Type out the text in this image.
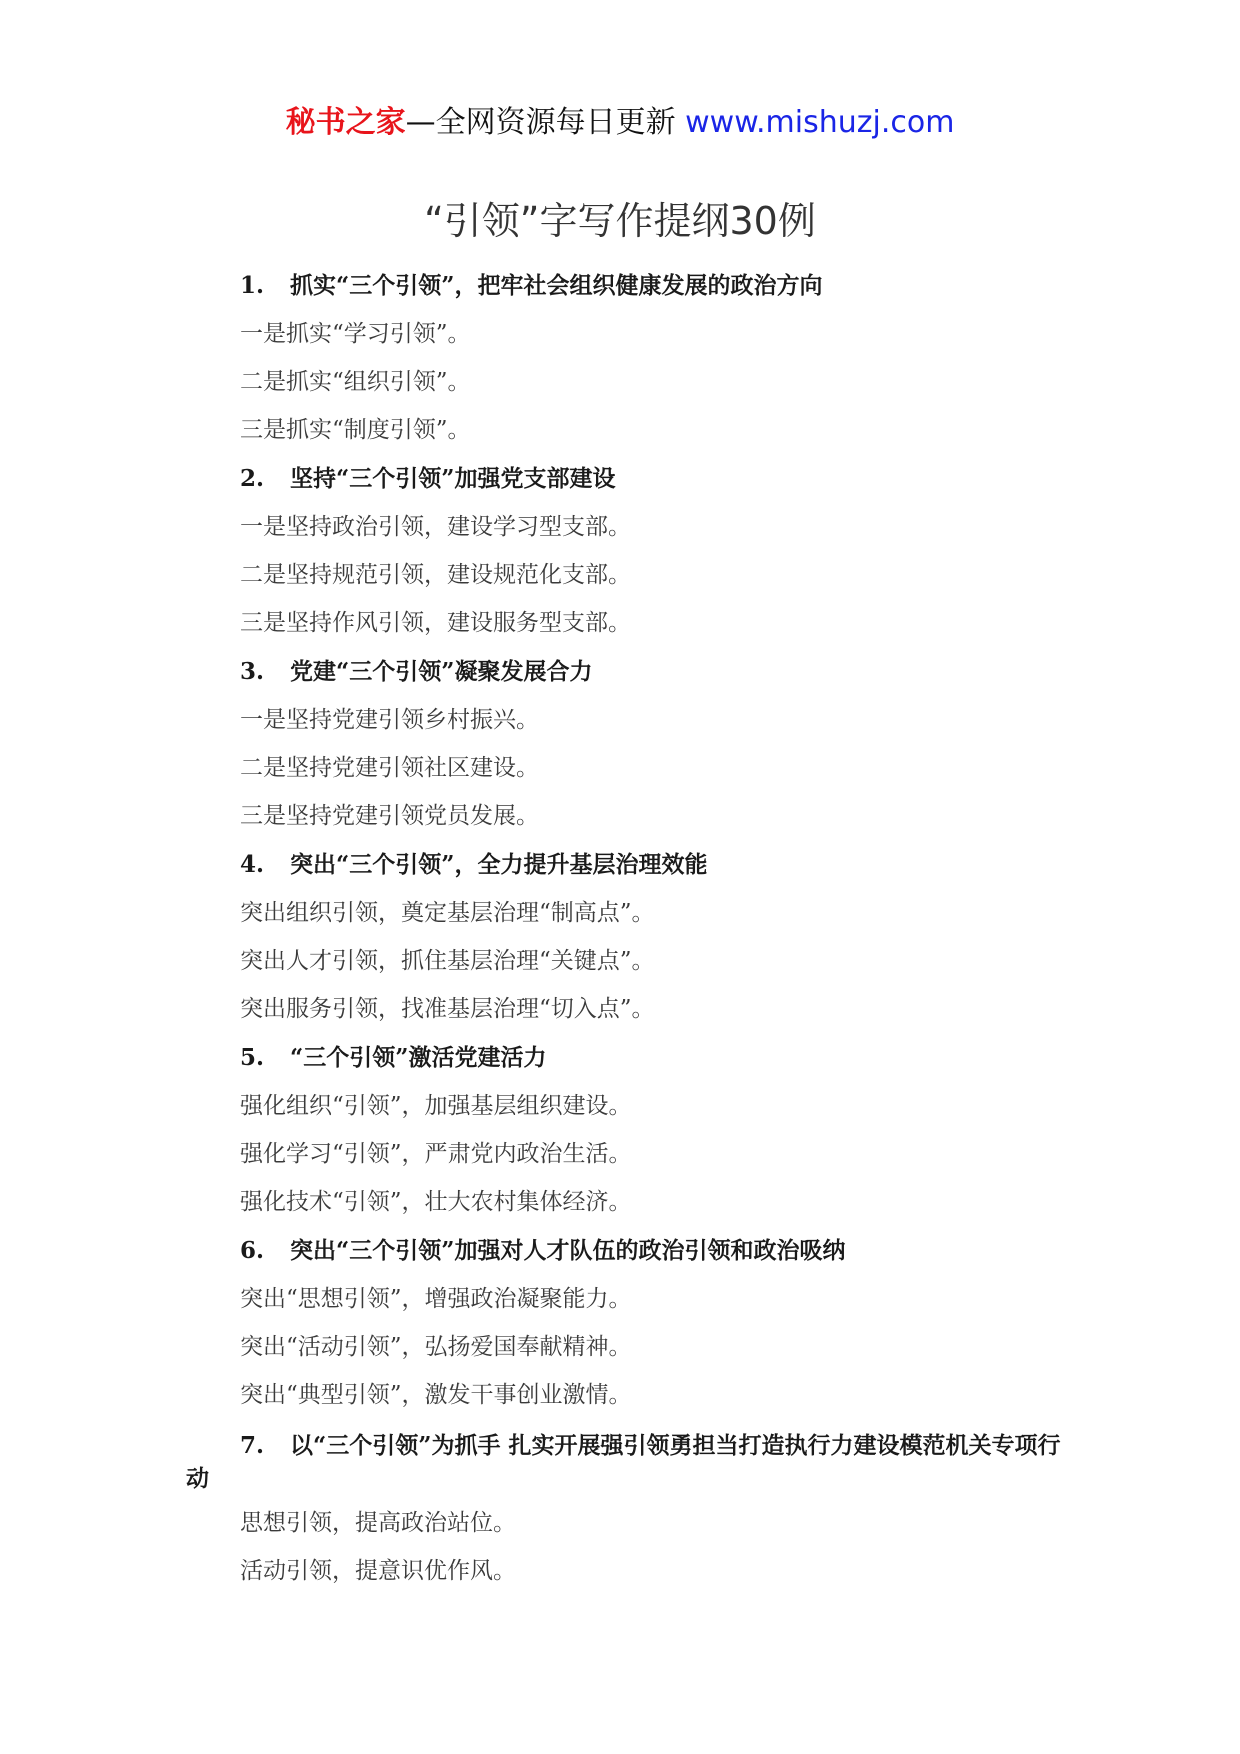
秘书之家—全网资源每日更新 www.mishuzj.com
“引领”字写作提纲30例
1. 抓实“三个引领”，把牢社会组织健康发展的政治方向
一是抓实“学习引领”。
二是抓实“组织引领”。
三是抓实“制度引领”。
2. 坚持“三个引领”加强党支部建设
一是坚持政治引领，建设学习型支部。
二是坚持规范引领，建设规范化支部。
三是坚持作风引领，建设服务型支部。
3. 党建“三个引领”凝聚发展合力
一是坚持党建引领乡村振兴。
二是坚持党建引领社区建设。
三是坚持党建引领党员发展。
4. 突出“三个引领”，全力提升基层治理效能
突出组织引领，奠定基层治理“制高点”。
突出人才引领，抓住基层治理“关键点”。
突出服务引领，找准基层治理“切入点”。
5. “三个引领”激活党建活力
强化组织“引领”，加强基层组织建设。
强化学习“引领”，严肃党内政治生活。
强化技术“引领”，壮大农村集体经济。
6. 突出“三个引领”加强对人才队伍的政治引领和政治吸纳
突出“思想引领”，增强政治凝聚能力。
突出“活动引领”，弘扬爱国奉献精神。
突出“典型引领”，激发干事创业激情。
7. 以“三个引领”为抓手 扎实开展强引领勇担当打造执行力建设模范机关专项行动
思想引领，提高政治站位。
活动引领，提意识优作风。
